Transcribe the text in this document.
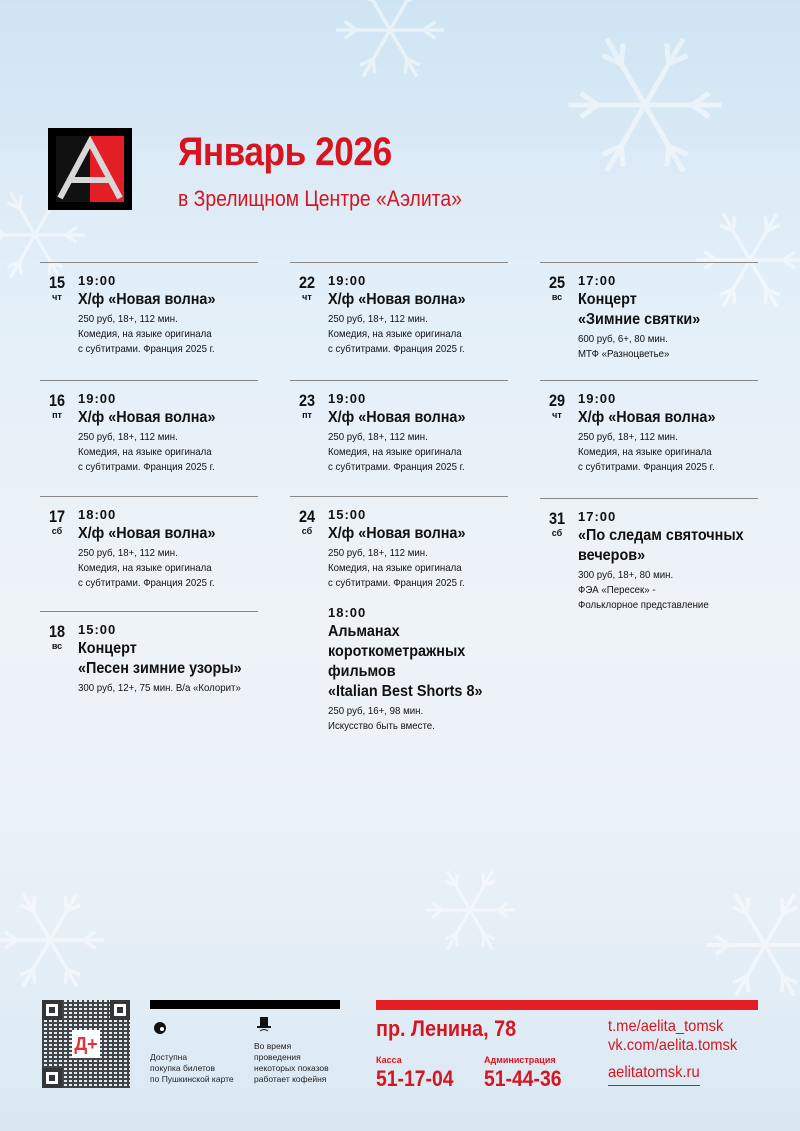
Январь 2026
в Зрелищном Центре «Аэлита»
15
чт
19:00
Х/ф «Новая волна»
250 руб, 18+, 112 мин.
Комедия, на языке оригинала
с субтитрами. Франция 2025 г.
16
пт
19:00
Х/ф «Новая волна»
250 руб, 18+, 112 мин.
Комедия, на языке оригинала
с субтитрами. Франция 2025 г.
17
сб
18:00
Х/ф «Новая волна»
250 руб, 18+, 112 мин.
Комедия, на языке оригинала
с субтитрами. Франция 2025 г.
18
вс
15:00
Концерт
«Песен зимние узоры»
300 руб, 12+, 75 мин. В/а «Колорит»
22
чт
19:00
Х/ф «Новая волна»
250 руб, 18+, 112 мин.
Комедия, на языке оригинала
с субтитрами. Франция 2025 г.
23
пт
19:00
Х/ф «Новая волна»
250 руб, 18+, 112 мин.
Комедия, на языке оригинала
с субтитрами. Франция 2025 г.
24
сб
15:00
Х/ф «Новая волна»
250 руб, 18+, 112 мин.
Комедия, на языке оригинала
с субтитрами. Франция 2025 г.
18:00
Альманах
короткометражных
фильмов
«Italian Best Shorts 8»
250 руб, 16+, 98 мин.
Искусство быть вместе.
25
вс
17:00
Концерт
«Зимние святки»
600 руб, 6+, 80 мин.
МТФ «Разноцветье»
29
чт
19:00
Х/ф «Новая волна»
250 руб, 18+, 112 мин.
Комедия, на языке оригинала
с субтитрами. Франция 2025 г.
31
сб
17:00
«По следам святочных
вечеров»
300 руб, 18+, 80 мин.
ФЭА «Пересек» -
Фольклорное представление
Д+
Доступна
покупка билетов
по Пушкинской карте
Во время
проведения
некоторых показов
работает кофейня
пр. Ленина, 78
Касса
51-17-04
Администрация
51-44-36
t.me/aelita_tomsk
vk.com/aelita.tomsk
aelitatomsk.ru
